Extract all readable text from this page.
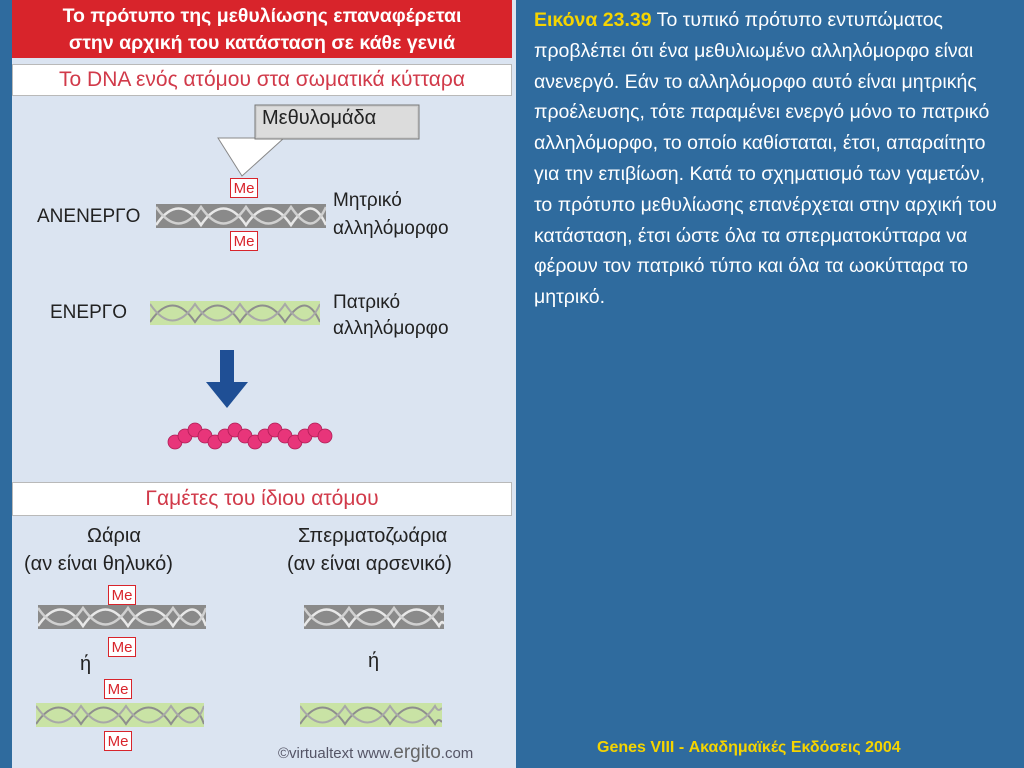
Το πρότυπο της μεθυλίωσης επαναφέρεται
στην αρχική του κατάσταση σε κάθε γενιά
Το DNA ενός ατόμου στα σωματικά κύτταρα
Μεθυλομάδα
ΑΝΕΝΕΡΓΟ
Me
Me
Μητρικό
αλληλόμορφο
ΕΝΕΡΓΟ	Πατρικό
αλληλόμορφο
Γαμέτες του ίδιου ατόμου
Ωάρια
(αν είναι θηλυκό)
Σπερματοζωάρια
(αν είναι αρσενικό)
Me
Me
ή
Me
Me
ή
©virtualtext www.ergito.com
Εικόνα 23.39 Το τυπικό πρότυπο εντυπώματος προβλέπει ότι ένα μεθυλιωμένο αλληλόμορφο είναι ανενεργό. Εάν το αλληλόμορφο αυτό είναι μητρικής προέλευσης, τότε παραμένει ενεργό μόνο το πατρικό αλληλόμορφο, το οποίο καθίσταται, έτσι, απαραίτητο για την επιβίωση. Κατά το σχηματισμό των γαμετών, το πρότυπο μεθυλίωσης επανέρχεται στην αρχική του κατάσταση, έτσι ώστε όλα τα σπερματοκύτταρα να φέρουν τον πατρικό τύπο και όλα τα ωοκύτταρα το μητρικό.
Genes VIII - Ακαδημαϊκές Εκδόσεις 2004
